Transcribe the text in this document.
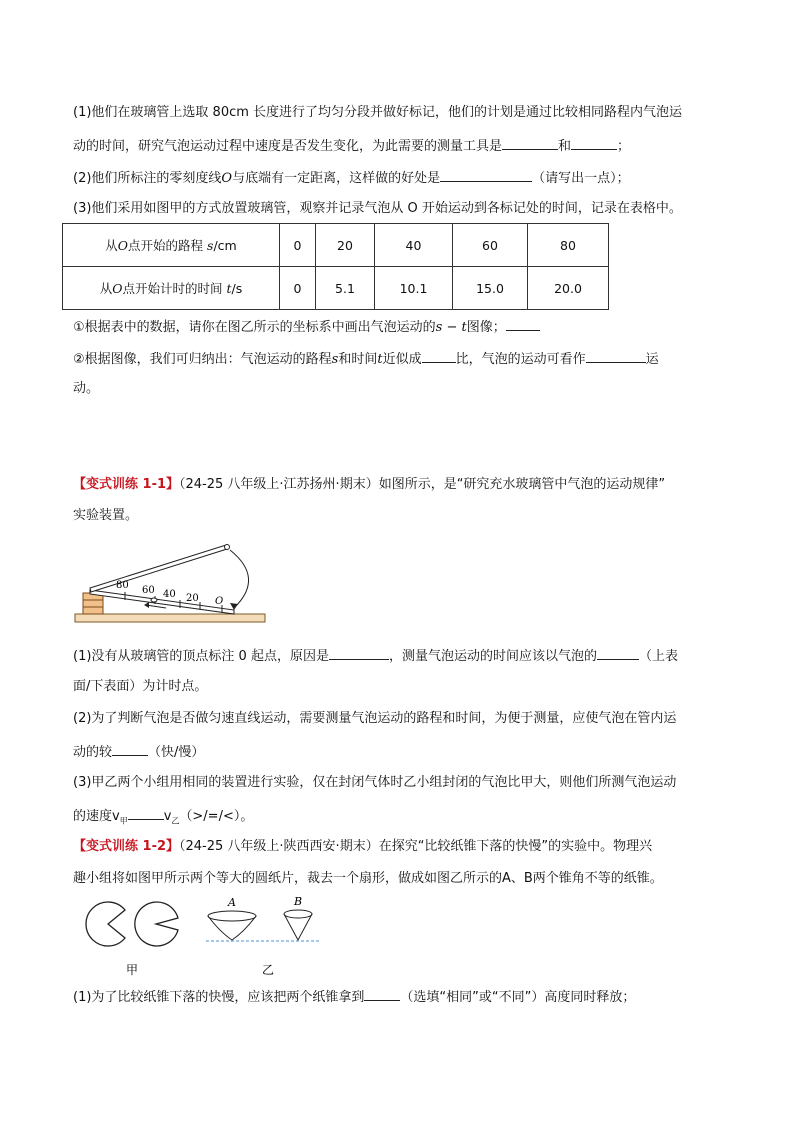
(1)他们在玻璃管上选取 80cm 长度进行了均匀分段并做好标记，他们的计划是通过比较相同路程内气泡运
动的时间，研究气泡运动过程中速度是否发生变化，为此需要的测量工具是	和	；
(2)他们所标注的零刻度线O与底端有一定距离，这样做的好处是	（请写出一点）；
(3)他们采用如图甲的方式放置玻璃管，观察并记录气泡从 O 开始运动到各标记处的时间，记录在表格中。
从O点开始的路程 s/cm	0	20	40	60	80
从O点开始计时的时间 t/s	0	5.1	10.1	15.0	20.0
①根据表中的数据，请你在图乙所示的坐标系中画出气泡运动的s − t图像；
②根据图像，我们可归纳出：气泡运动的路程s和时间t近似成	比，气泡的运动可看作	运
动。
【变式训练 1-1】（24-25 八年级上·江苏扬州·期末）如图所示，是“研究充水玻璃管中气泡的运动规律”
实验装置。
80 60 40 20 O
(1)没有从玻璃管的顶点标注 0 起点，原因是	，测量气泡运动的时间应该以气泡的	（上表
面/下表面）为计时点。
(2)为了判断气泡是否做匀速直线运动，需要测量气泡运动的路程和时间，为便于测量，应使气泡在管内运
动的较	（快/慢）
(3)甲乙两个小组用相同的装置进行实验，仅在封闭气体时乙小组封闭的气泡比甲大，则他们所测气泡运动
的速度$v_甲$	$v_乙(>/=/<)$。
【变式训练 1-2】（24-25 八年级上·陕西西安·期末）在探究“比较纸锥下落的快慢”的实验中。物理兴
趣小组将如图甲所示两个等大的圆纸片，裁去一个扇形，做成如图乙所示的A、B两个锥角不等的纸锥。
A	B
甲	乙
(1)为了比较纸锥下落的快慢，应该把两个纸锥拿到	（选填“相同”或“不同”）高度同时释放；
